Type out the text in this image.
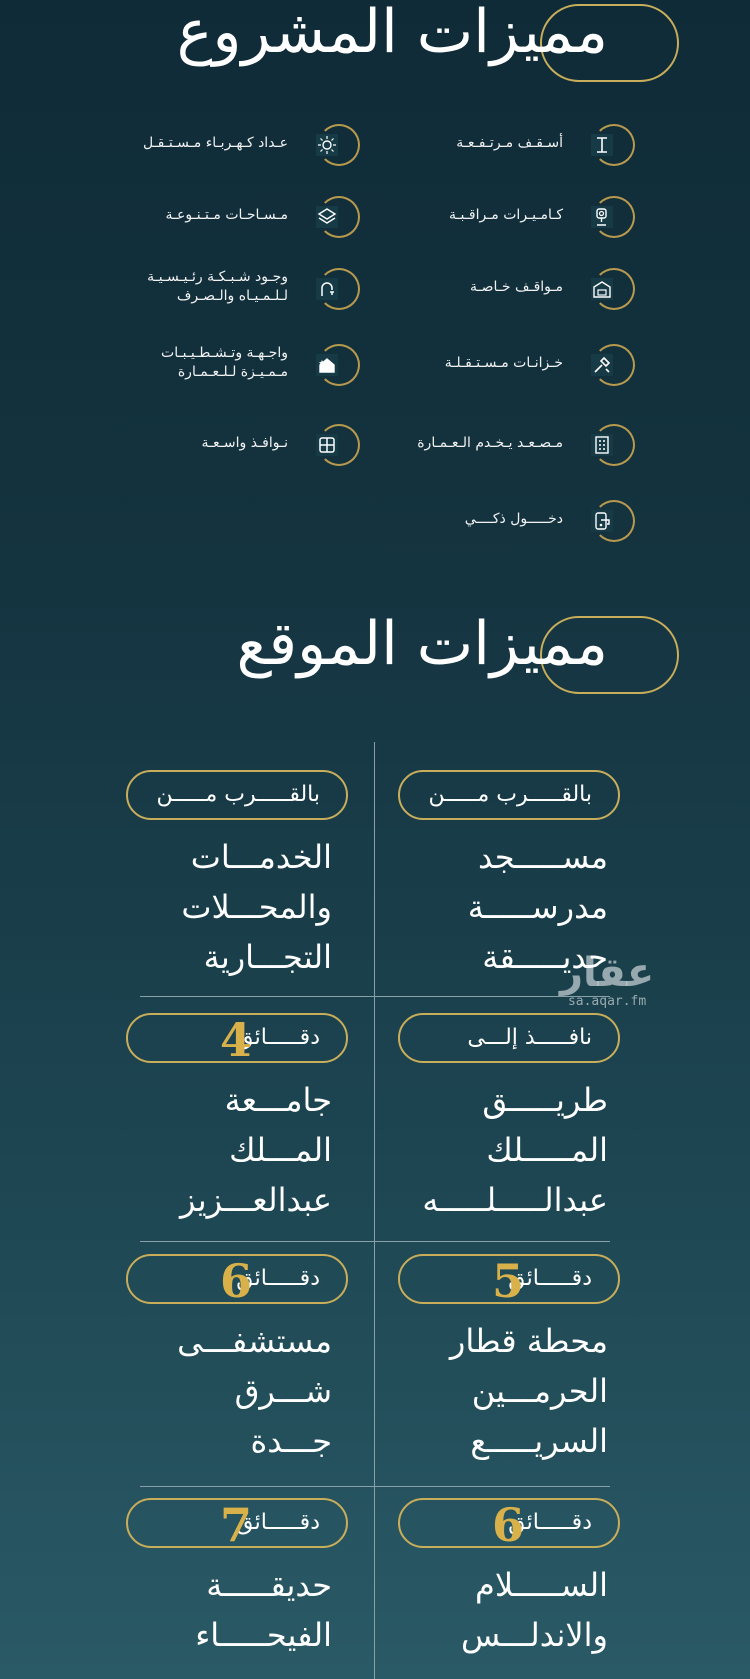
مميزات المشروع
أسـقـف مـرتـفـعـة
عـداد كـهـربـاء مـسـتـقـل
كـامـيـرات مـراقـبـة
مـسـاحـات مـتـنـوعـة
مـواقـف خـاصـة
وجـود شـبـكـة رئـيـسـيـة
لـلـمـيـاه والـصـرف
خـزانـات مـسـتـقـلـة
واجـهـة وتـشـطـيـبـات
مـمـيـزة لـلـعـمـارة
مـصـعـد يـخـدم الـعـمـارة
نـوافـذ واسـعـة
دخـــــول ذكــــي
مميزات الموقع
بالقـــــرب مـــــن
مســـــجد
مدرســـــة
حديـــــقة
بالقـــــرب مـــــن
الخدمـــات
والمحـــلات
التجـــارية
نافـــــذ إلـــى
طريـــــق
المـــــلك
عبدالـــــلـــــه
دقـــــائق
4
جامـــعة
المـــلك
عبدالعـــزيز
دقـــــائق
5
محطة قطار
الحرمـــين
السريـــــع
دقـــــائق
6
مستشفـــى
شـــرق
جـــدة
دقـــــائق
6
الســـــلام
والاندلـــس
دقـــــائق
7
حديقـــــة
الفيحـــــاء
عقار
sa.aqar.fm
